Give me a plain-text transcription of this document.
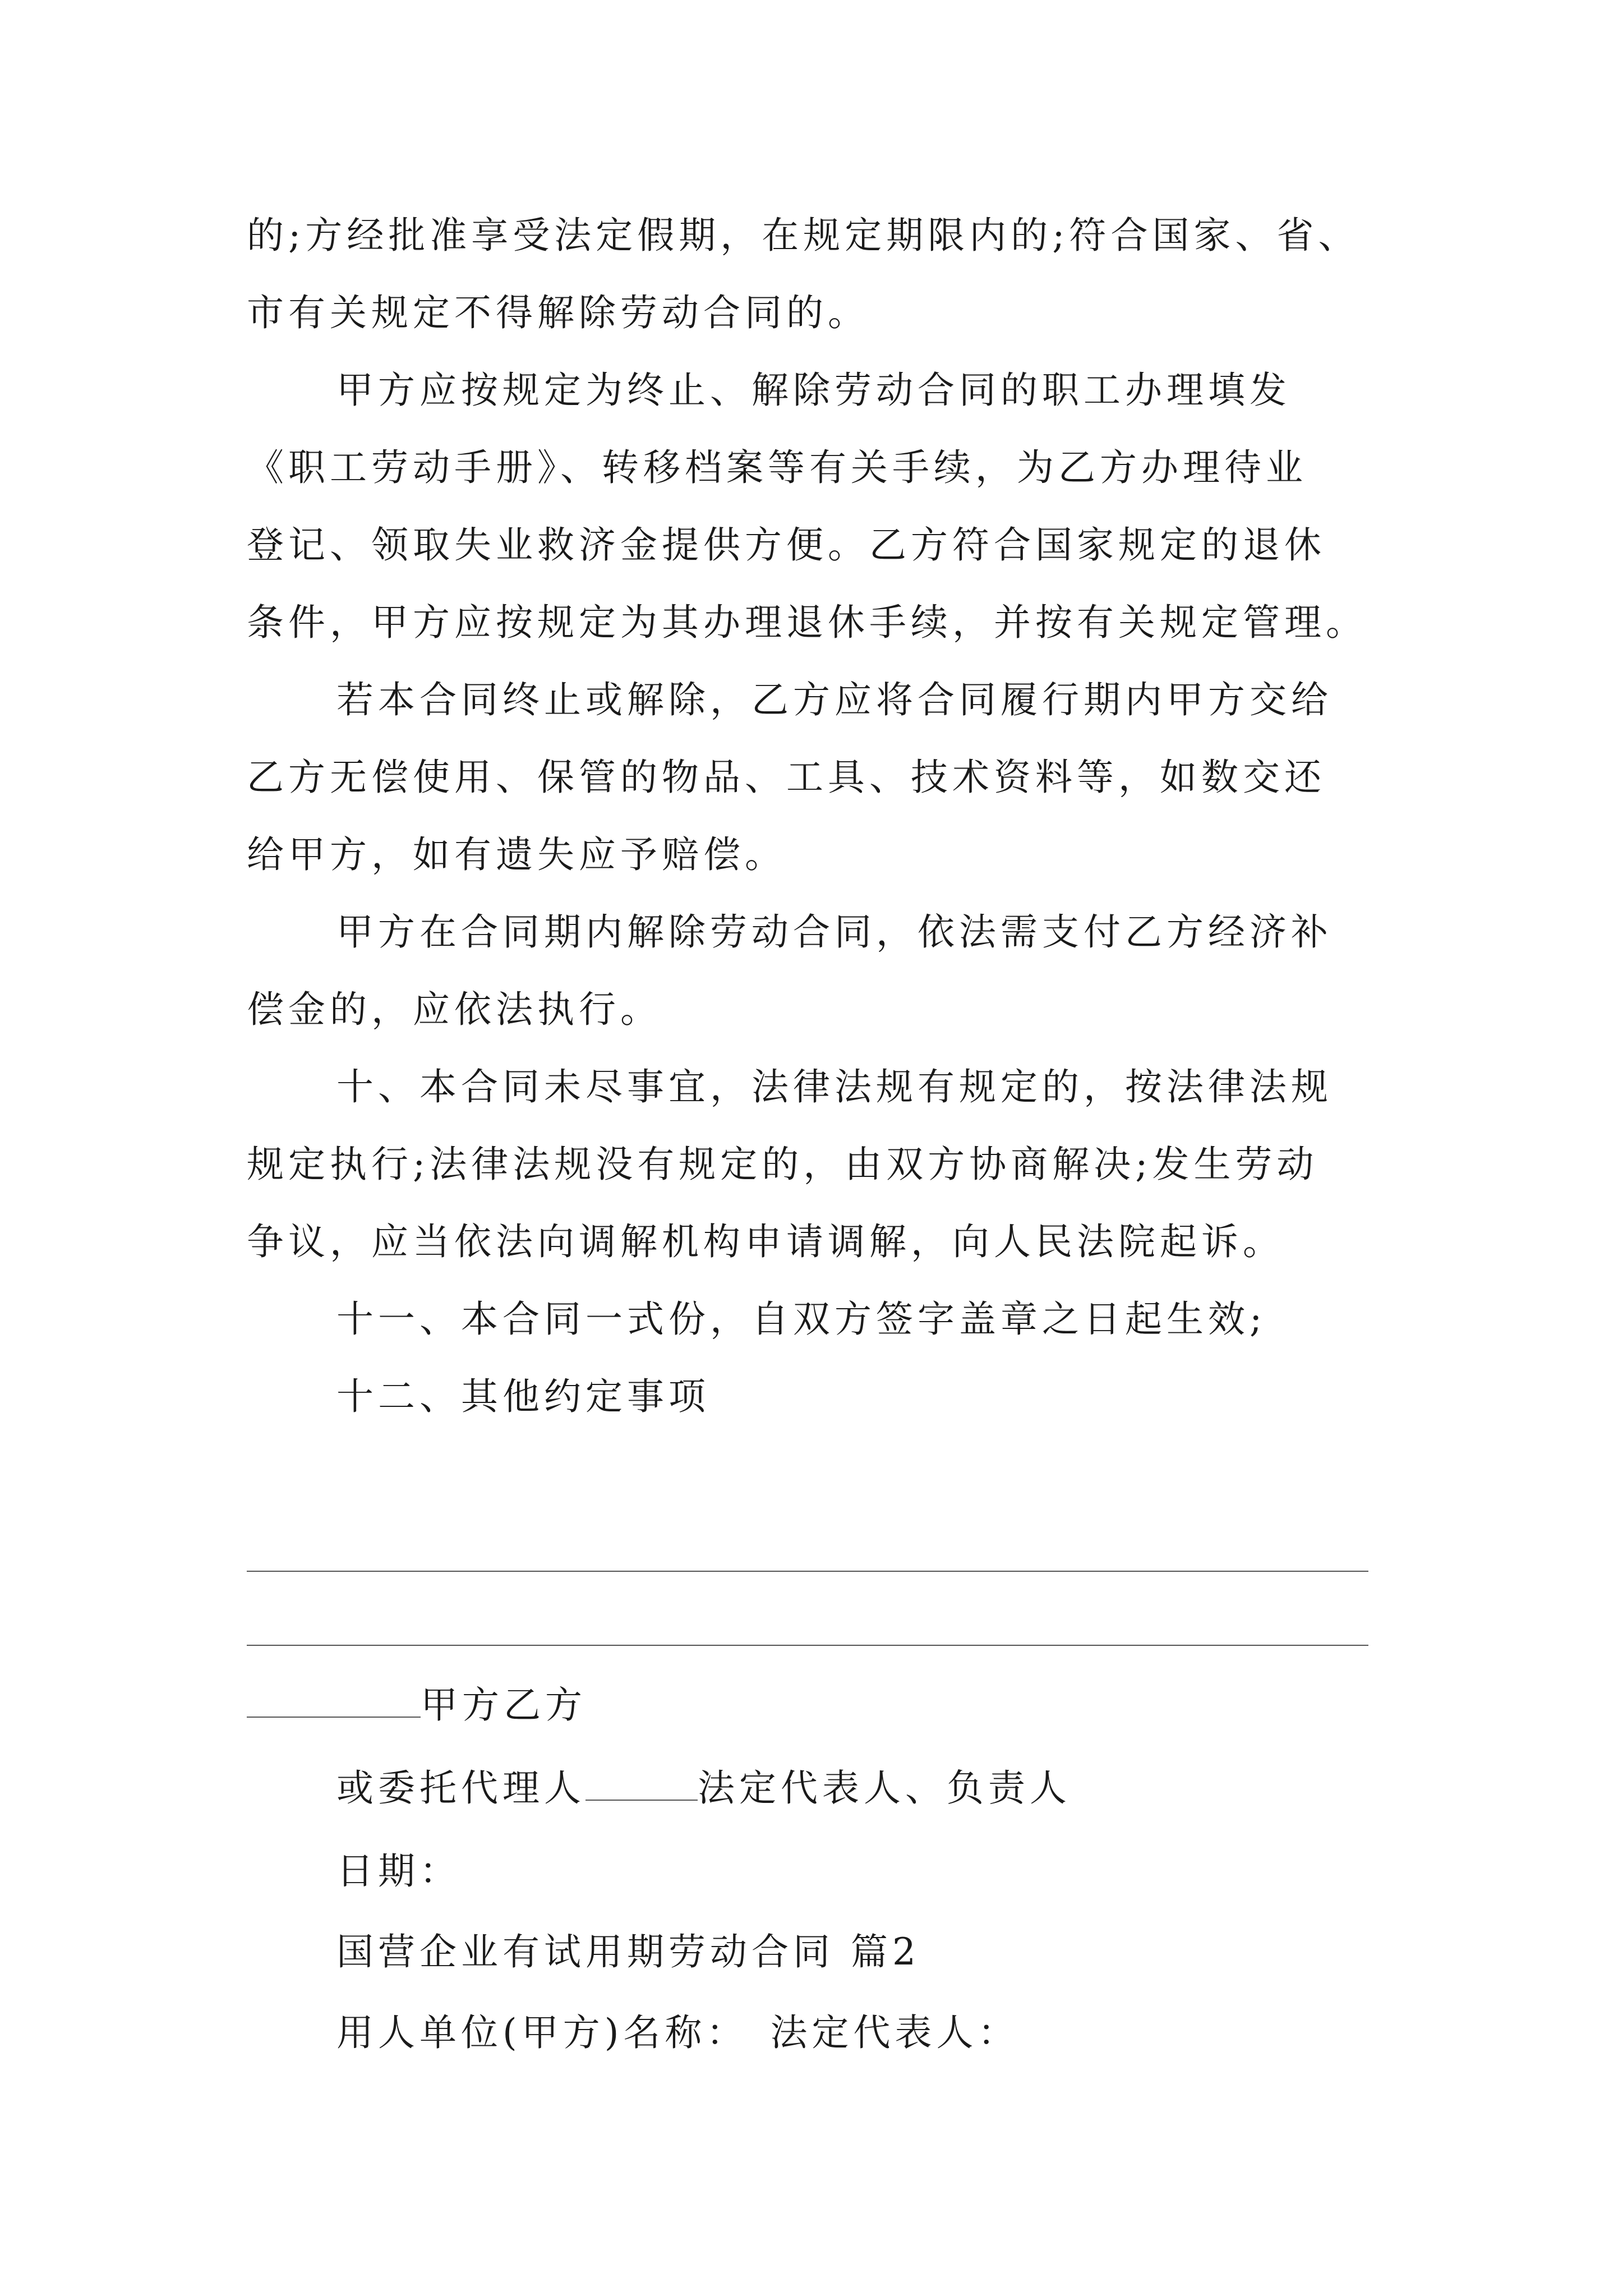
的;方经批准享受法定假期，在规定期限内的;符合国家、省、
市有关规定不得解除劳动合同的。
甲方应按规定为终止、解除劳动合同的职工办理填发
《职工劳动手册》、转移档案等有关手续，为乙方办理待业
登记、领取失业救济金提供方便。乙方符合国家规定的退休
条件，甲方应按规定为其办理退休手续，并按有关规定管理。
若本合同终止或解除，乙方应将合同履行期内甲方交给
乙方无偿使用、保管的物品、工具、技术资料等，如数交还
给甲方，如有遗失应予赔偿。
甲方在合同期内解除劳动合同，依法需支付乙方经济补
偿金的，应依法执行。
十、本合同未尽事宜，法律法规有规定的，按法律法规
规定执行;法律法规没有规定的，由双方协商解决;发生劳动
争议，应当依法向调解机构申请调解，向人民法院起诉。
十一、本合同一式份，自双方签字盖章之日起生效;
十二、其他约定事项
甲方乙方
或委托代理人	法定代表人、负责人
日期：
国营企业有试用期劳动合同 篇2
用人单位(甲方)名称： 法定代表人：
